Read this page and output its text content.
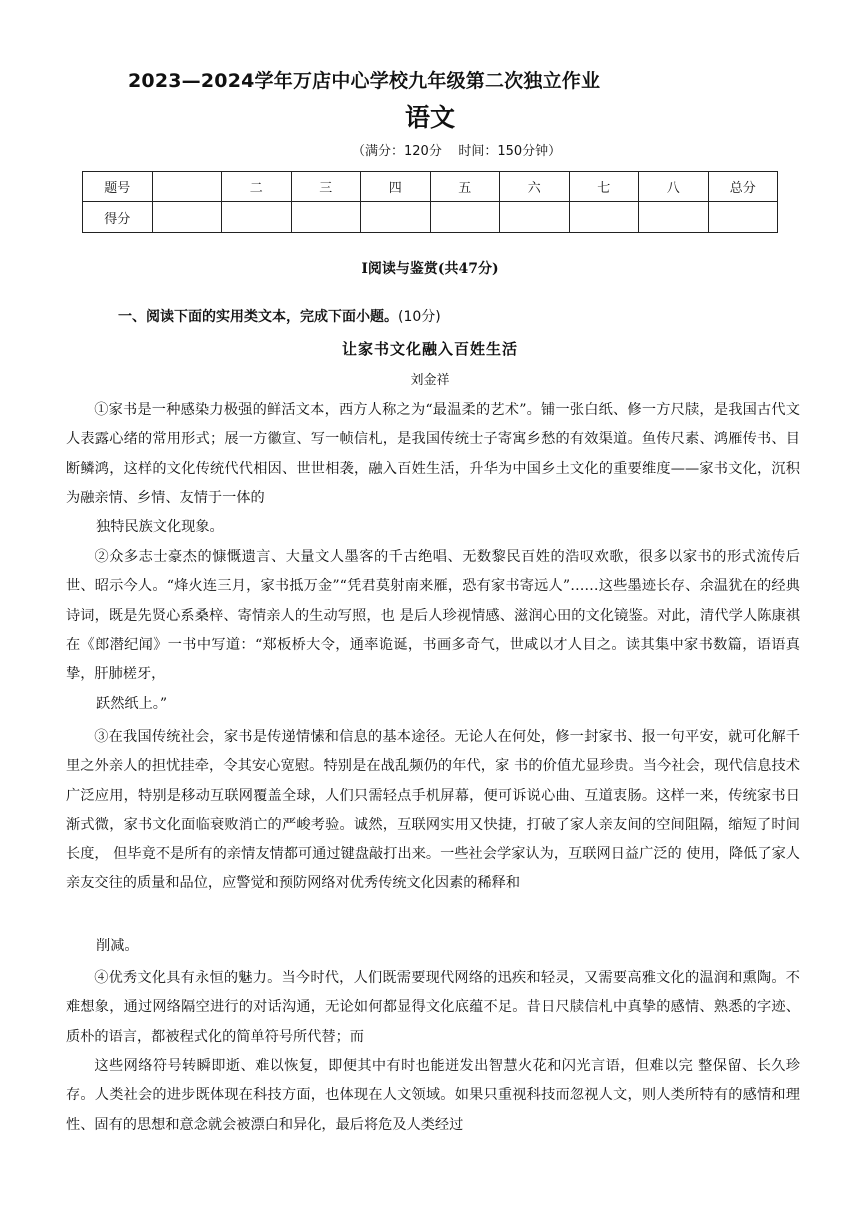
2023—2024学年万店中心学校九年级第二次独立作业
语文
（满分：120分    时间：150分钟）
题号		二	三	四	五	六	七	八	总分
得分									
I阅读与鉴赏(共47分)
一、阅读下面的实用类文本，完成下面小题。(10分)
让家书文化融入百姓生活
刘金祥
①家书是一种感染力极强的鲜活文本，西方人称之为“最温柔的艺术”。铺一张白纸、修一方尺牍，是我国古代文人表露心绪的常用形式；展一方徽宣、写一帧信札，是我国传统士子寄寓乡愁的有效渠道。鱼传尺素、鸿雁传书、目断鳞鸿，这样的文化传统代代相因、世世相袭，融入百姓生活，升华为中国乡土文化的重要维度——家书文化，沉积为融亲情、乡情、友情于一体的
独特民族文化现象。
②众多志士豪杰的慷慨遗言、大量文人墨客的千古绝唱、无数黎民百姓的浩叹欢歌，很多以家书的形式流传后世、昭示今人。“烽火连三月，家书抵万金”“凭君莫射南来雁，恐有家书寄远人”……这些墨迹长存、余温犹在的经典诗词，既是先贤心系桑梓、寄情亲人的生动写照，也 是后人珍视情感、滋润心田的文化镜鉴。对此，清代学人陈康祺在《郎潜纪闻》一书中写道：“郑板桥大令，通率诡诞，书画多奇气，世咸以才人目之。读其集中家书数篇，语语真挚，肝肺槎牙，
跃然纸上。”
③在我国传统社会，家书是传递情愫和信息的基本途径。无论人在何处，修一封家书、报一句平安，就可化解千里之外亲人的担忧挂牵，令其安心宽慰。特别是在战乱频仍的年代，家 书的价值尤显珍贵。当今社会，现代信息技术广泛应用，特别是移动互联网覆盖全球，人们只需轻点手机屏幕，便可诉说心曲、互道衷肠。这样一来，传统家书日渐式微，家书文化面临衰败消亡的严峻考验。诚然，互联网实用又快捷，打破了家人亲友间的空间阻隔，缩短了时间长度， 但毕竟不是所有的亲情友情都可通过键盘敲打出来。一些社会学家认为，互联网日益广泛的 使用，降低了家人亲友交往的质量和品位，应警觉和预防网络对优秀传统文化因素的稀释和
削减。
④优秀文化具有永恒的魅力。当今时代，人们既需要现代网络的迅疾和轻灵，又需要高雅文化的温润和熏陶。不难想象，通过网络隔空进行的对话沟通，无论如何都显得文化底蕴不足。昔日尺牍信札中真挚的感情、熟悉的字迹、质朴的语言，都被程式化的简单符号所代替；而
这些网络符号转瞬即逝、难以恢复，即便其中有时也能迸发出智慧火花和闪光言语，但难以完 整保留、长久珍存。人类社会的进步既体现在科技方面，也体现在人文领域。如果只重视科技而忽视人文，则人类所特有的感情和理性、固有的思想和意念就会被漂白和异化，最后将危及人类经过
